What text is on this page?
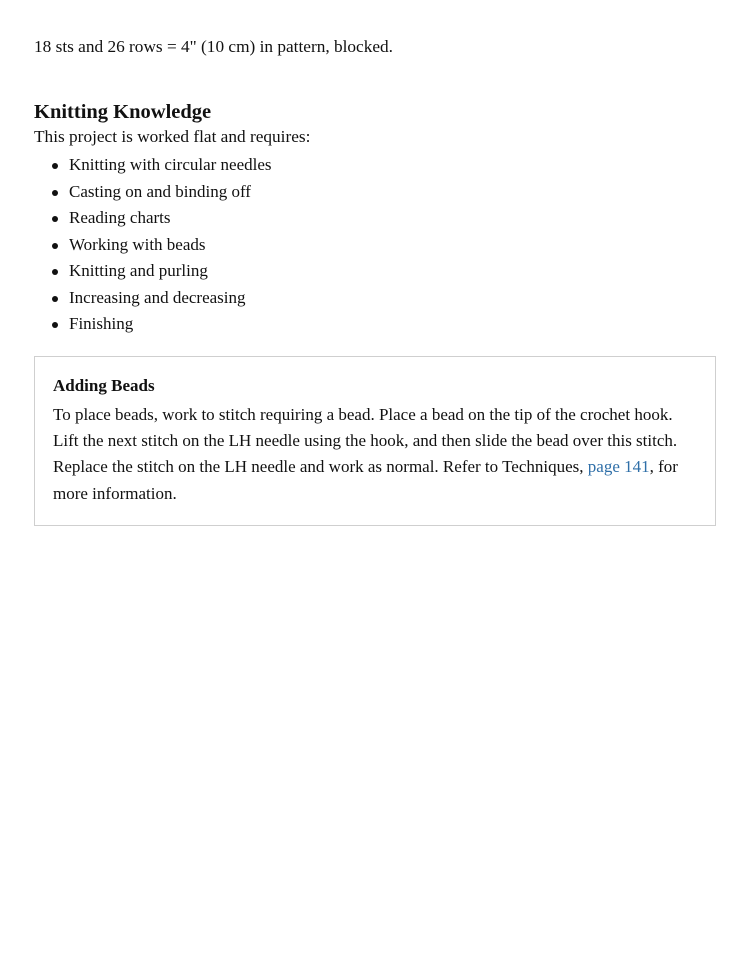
18 sts and 26 rows = 4" (10 cm) in pattern, blocked.

Knitting Knowledge

This project is worked flat and requires:

Knitting with circular needles
Casting on and binding off
Reading charts
Working with beads
Knitting and purling
Increasing and decreasing
Finishing

Adding Beads

To place beads, work to stitch requiring a bead. Place a bead on the tip of the crochet hook. Lift the next stitch on the LH needle using the hook, and then slide the bead over this stitch. Replace the stitch on the LH needle and work as normal. Refer to Techniques, page 141, for more information.
